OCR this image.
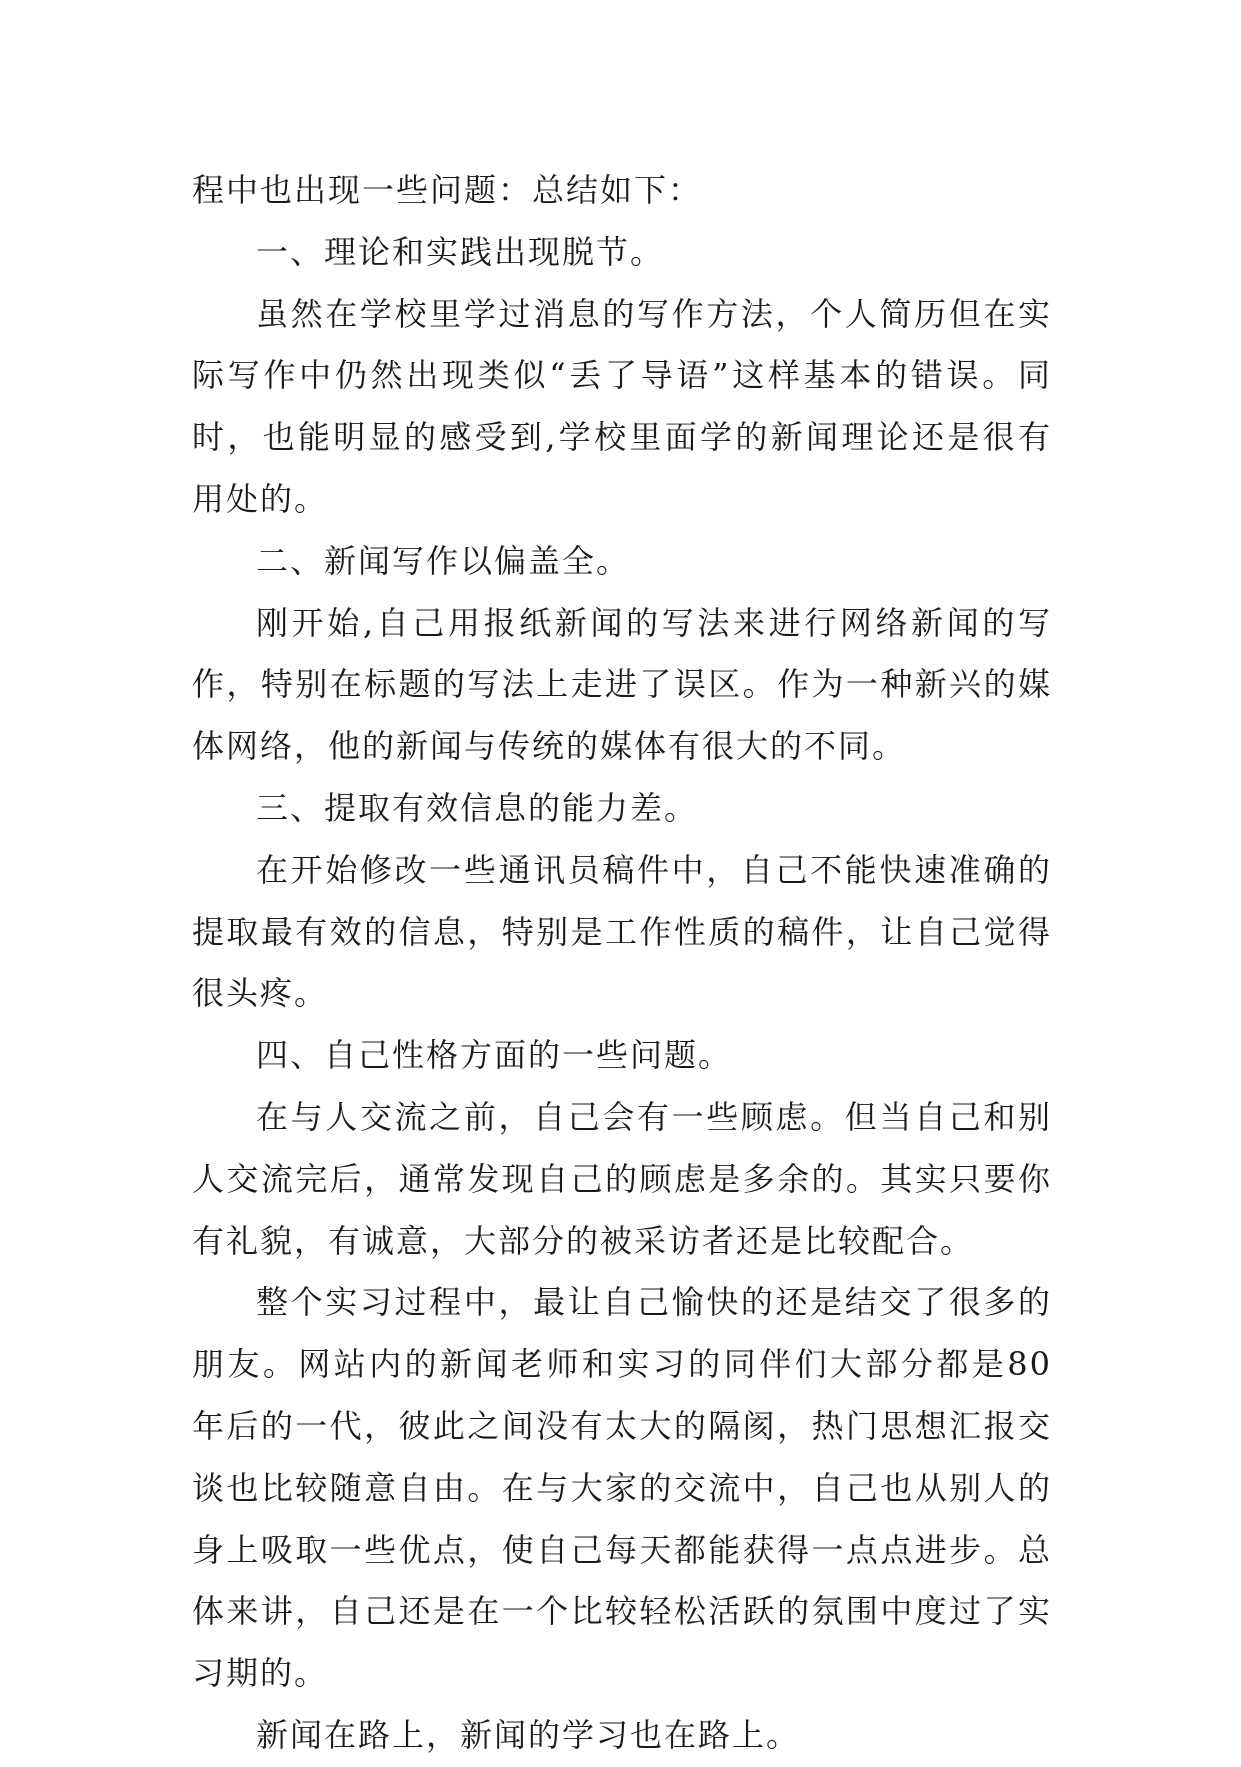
程中也出现一些问题：总结如下：

一、理论和实践出现脱节。

虽然在学校里学过消息的写作方法，个人简历但在实际写作中仍然出现类似“丢了导语”这样基本的错误。同时，也能明显的感受到,学校里面学的新闻理论还是很有用处的。

二、新闻写作以偏盖全。

刚开始,自己用报纸新闻的写法来进行网络新闻的写作，特别在标题的写法上走进了误区。作为一种新兴的媒体网络，他的新闻与传统的媒体有很大的不同。

三、提取有效信息的能力差。

在开始修改一些通讯员稿件中，自己不能快速准确的提取最有效的信息，特别是工作性质的稿件，让自己觉得很头疼。

四、自己性格方面的一些问题。

在与人交流之前，自己会有一些顾虑。但当自己和别人交流完后，通常发现自己的顾虑是多余的。其实只要你有礼貌，有诚意，大部分的被采访者还是比较配合。

整个实习过程中，最让自己愉快的还是结交了很多的朋友。网站内的新闻老师和实习的同伴们大部分都是80年后的一代，彼此之间没有太大的隔阂，热门思想汇报交谈也比较随意自由。在与大家的交流中，自己也从别人的身上吸取一些优点，使自己每天都能获得一点点进步。总体来讲，自己还是在一个比较轻松活跃的氛围中度过了实习期的。

新闻在路上，新闻的学习也在路上。
